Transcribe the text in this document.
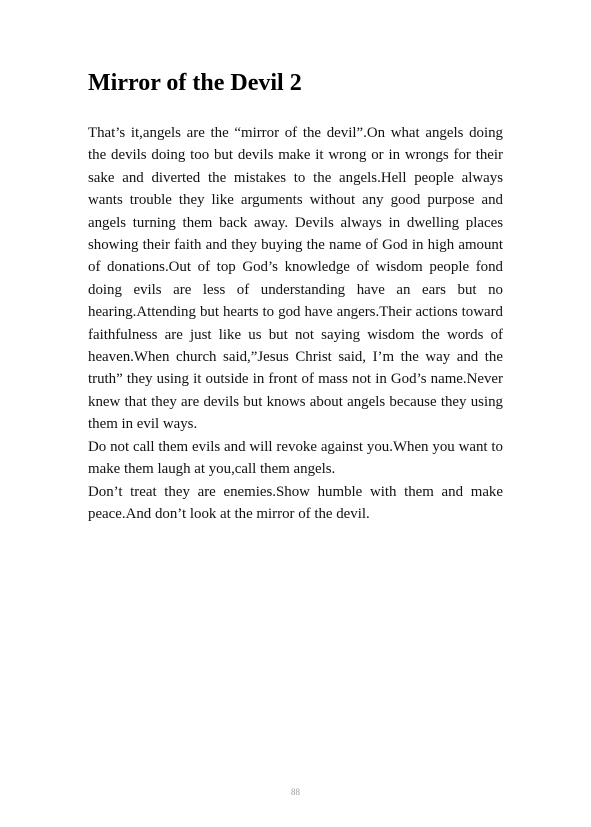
Mirror of the Devil 2

That’s it,angels are the “mirror of the devil”.On what angels doing the devils doing too but devils make it wrong or in wrongs for their sake and diverted the mistakes to the angels.Hell people always wants trouble they like arguments without any good purpose and angels turning them back away. Devils always in dwelling places showing their faith and they buying the name of God in high amount of donations.Out of top God’s knowledge of wisdom people fond doing evils are less of understanding have an ears but no hearing.Attending but hearts to god have angers.Their actions toward faithfulness are just like us but not saying wisdom the words of heaven.When church said,”Jesus Christ said, I’m the way and the truth” they using it outside in front of mass not in God’s name.Never knew that they are devils but knows about angels because they using them in evil ways.

Do not call them evils and will revoke against you.When you want to make them laugh at you,call them angels.

Don’t treat they are enemies.Show humble with them and make peace.And don’t look at the mirror of the devil.

88
